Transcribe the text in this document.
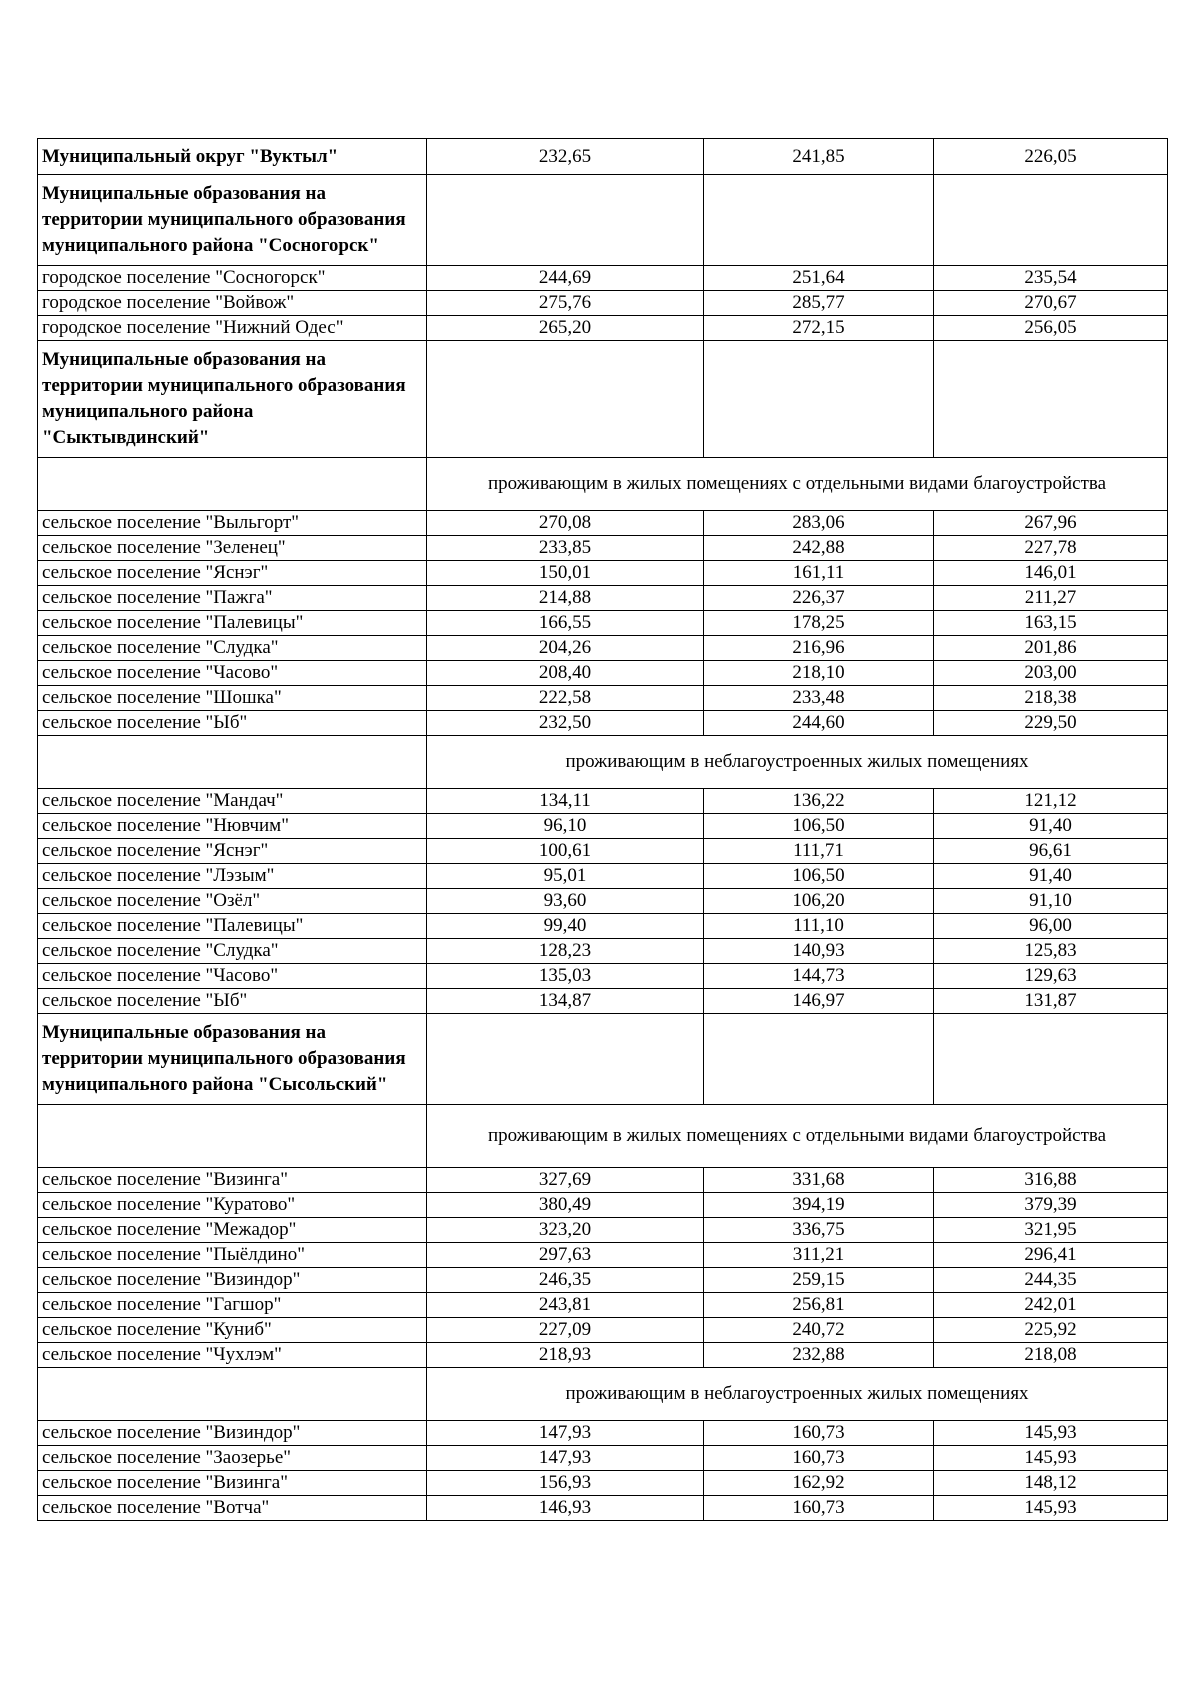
Муниципальный округ "Вуктыл"	232,65	241,85	226,05
Муниципальные образования на территории муниципального образования муниципального района "Сосногорск"			
городское поселение "Сосногорск"	244,69	251,64	235,54
городское поселение "Войвож"	275,76	285,77	270,67
городское поселение "Нижний Одес"	265,20	272,15	256,05
Муниципальные образования на территории муниципального образования муниципального района "Сыктывдинский"			
	проживающим в жилых помещениях с отдельными видами благоустройства		
сельское поселение "Выльгорт"	270,08	283,06	267,96
сельское поселение "Зеленец"	233,85	242,88	227,78
сельское поселение "Яснэг"	150,01	161,11	146,01
сельское поселение "Пажга"	214,88	226,37	211,27
сельское поселение "Палевицы"	166,55	178,25	163,15
сельское поселение "Слудка"	204,26	216,96	201,86
сельское поселение "Часово"	208,40	218,10	203,00
сельское поселение "Шошка"	222,58	233,48	218,38
сельское поселение "Ыб"	232,50	244,60	229,50
	проживающим в неблагоустроенных жилых помещениях		
сельское поселение "Мандач"	134,11	136,22	121,12
сельское поселение "Нювчим"	96,10	106,50	91,40
сельское поселение "Яснэг"	100,61	111,71	96,61
сельское поселение "Лэзым"	95,01	106,50	91,40
сельское поселение "Озёл"	93,60	106,20	91,10
сельское поселение "Палевицы"	99,40	111,10	96,00
сельское поселение "Слудка"	128,23	140,93	125,83
сельское поселение "Часово"	135,03	144,73	129,63
сельское поселение "Ыб"	134,87	146,97	131,87
Муниципальные образования на территории муниципального образования муниципального района "Сысольский"			
	проживающим в жилых помещениях с отдельными видами благоустройства		
сельское поселение "Визинга"	327,69	331,68	316,88
сельское поселение "Куратово"	380,49	394,19	379,39
сельское поселение "Межадор"	323,20	336,75	321,95
сельское поселение "Пыёлдино"	297,63	311,21	296,41
сельское поселение "Визиндор"	246,35	259,15	244,35
сельское поселение "Гагшор"	243,81	256,81	242,01
сельское поселение "Куниб"	227,09	240,72	225,92
сельское поселение "Чухлэм"	218,93	232,88	218,08
	проживающим в неблагоустроенных жилых помещениях		
сельское поселение "Визиндор"	147,93	160,73	145,93
сельское поселение "Заозерье"	147,93	160,73	145,93
сельское поселение "Визинга"	156,93	162,92	148,12
сельское поселение "Вотча"	146,93	160,73	145,93
